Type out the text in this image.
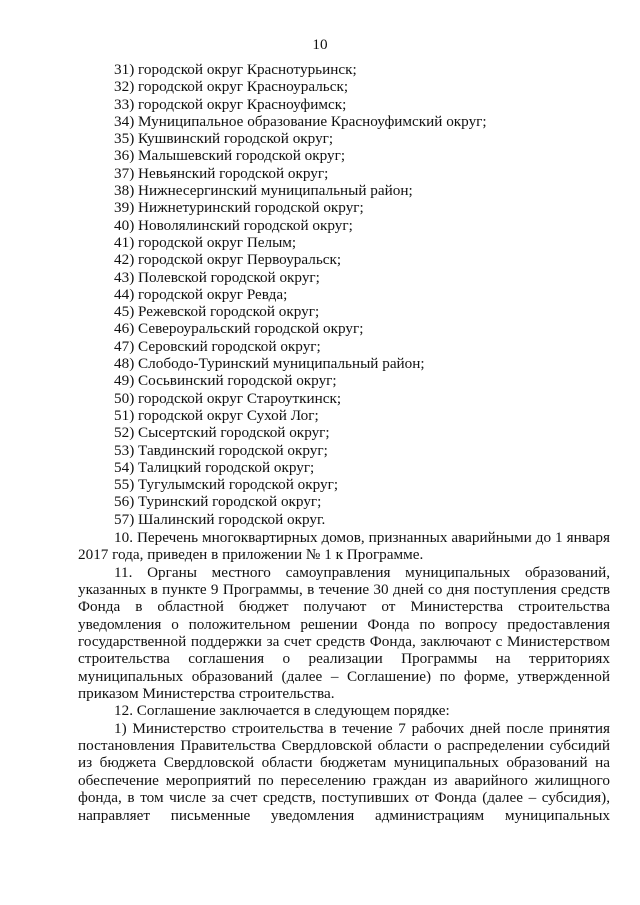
10
31) городской округ Краснотурьинск;
32) городской округ Красноуральск;
33) городской округ Красноуфимск;
34) Муниципальное образование Красноуфимский округ;
35) Кушвинский городской округ;
36) Малышевский городской округ;
37) Невьянский городской округ;
38) Нижнесергинский муниципальный район;
39) Нижнетуринский городской округ;
40) Новолялинский городской округ;
41) городской округ Пелым;
42) городской округ Первоуральск;
43) Полевской городской округ;
44) городской округ Ревда;
45) Режевской городской округ;
46) Североуральский городской округ;
47) Серовский городской округ;
48) Слободо-Туринский муниципальный район;
49) Сосьвинский городской округ;
50) городской округ Староуткинск;
51) городской округ Сухой Лог;
52) Сысертский городской округ;
53) Тавдинский городской округ;
54) Талицкий городской округ;
55) Тугулымский городской округ;
56) Туринский городской округ;
57) Шалинский городской округ.

10. Перечень многоквартирных домов, признанных аварийными до 1 января 2017 года, приведен в приложении № 1 к Программе.

11. Органы местного самоуправления муниципальных образований, указанных в пункте 9 Программы, в течение 30 дней со дня поступления средств Фонда в областной бюджет получают от Министерства строительства уведомления о положительном решении Фонда по вопросу предоставления государственной поддержки за счет средств Фонда, заключают с Министерством строительства соглашения о реализации Программы на территориях муниципальных образований (далее – Соглашение) по форме, утвержденной приказом Министерства строительства.

12. Соглашение заключается в следующем порядке:

1) Министерство строительства в течение 7 рабочих дней после принятия постановления Правительства Свердловской области о распределении субсидий из бюджета Свердловской области бюджетам муниципальных образований на обеспечение мероприятий по переселению граждан из аварийного жилищного фонда, в том числе за счет средств, поступивших от Фонда (далее – субсидия), направляет письменные уведомления администрациям муниципальных
